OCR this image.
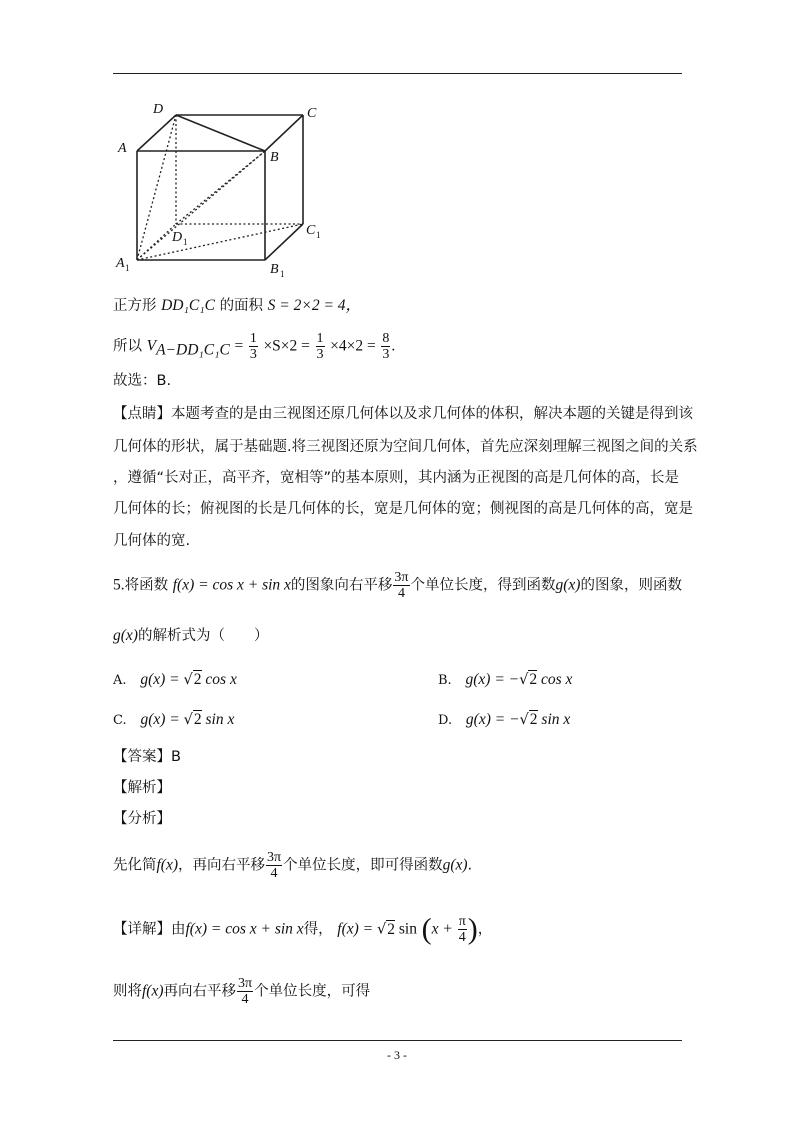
D	C
A
B
D	C
A	B
1
1
1
1
正方形 DD₁C₁C 的面积 S = 2×2 = 4，
所以 $V_{A-DD_1C_1C} = \frac{1}{3} \times S\times 2 = \frac{1}{3} \times 4\times 2 = \frac{8}{3}$ .
故选：B.
【点睛】本题考查的是由三视图还原几何体以及求几何体的体积，解决本题的关键是得到该
几何体的形状，属于基础题.将三视图还原为空间几何体，首先应深刻理解三视图之间的关系
，遵循“长对正，高平齐，宽相等”的基本原则，其内涵为正视图的高是几何体的高，长是
几何体的长；俯视图的长是几何体的长，宽是几何体的宽；侧视图的高是几何体的高，宽是
几何体的宽.
5.将函数 f(x) = cos x + sin x的图象向右平移 $\frac{3\pi}{4}$ 个单位长度，得到函数g(x)的图象，则函数
g(x)的解析式为（　　）
A. g(x) = √2 cos x	B. g(x) = −√2 cos x
C. g(x) = √2 sin x	D. g(x) = −√2 sin x
【答案】B
【解析】
【分析】
先化简f(x)，再向右平移 $\frac{3\pi}{4}$ 个单位长度，即可得函数g(x).
【详解】由f(x) = cos x + sin x得， f(x) = √2 $\sin (x + \frac{\pi}{4}$ )，
则将f(x)再向右平移 $\frac{3\pi}{4}$ 个单位长度，可得
- 3 -
